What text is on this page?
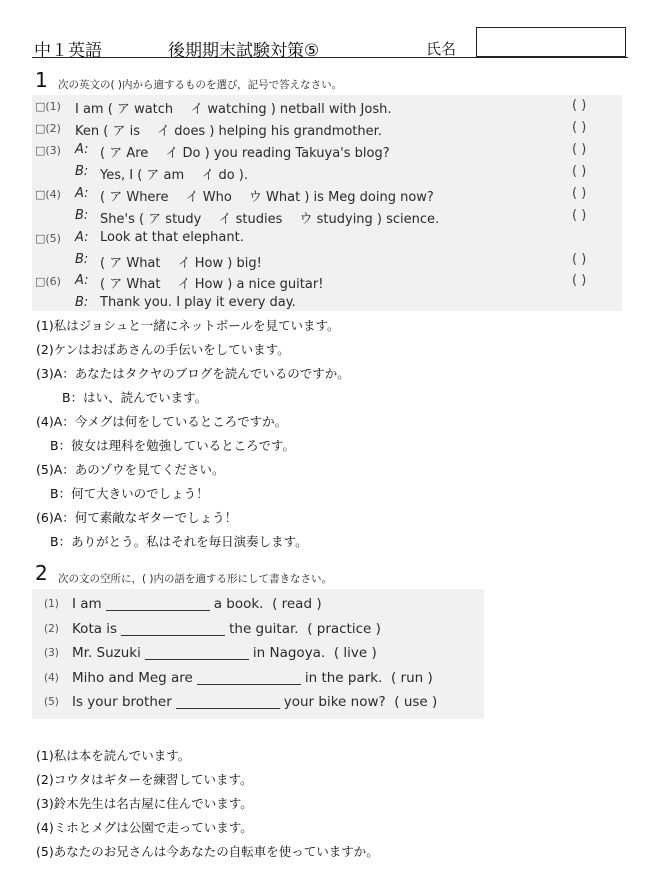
中１英語	後期期末試験対策⑤	氏名
1 次の英文の( )内から適するものを選び，記号で答えなさい。
□(1) I am ( ア watch　 イ watching ) netball with Josh.	( )
□(2) Ken ( ア is　 イ does ) helping his grandmother.	( )
□(3) A: ( ア Are　 イ Do ) you reading Takuya's blog?	( )
B: Yes, I ( ア am　 イ do ).	( )
□(4) A: ( ア Where　 イ Who　 ウ What ) is Meg doing now?	( )
B: She's ( ア study　 イ studies　 ウ studying ) science.	( )
□(5) A: Look at that elephant.
B: ( ア What　 イ How ) big!	( )
□(6) A: ( ア What　 イ How ) a nice guitar!	( )
B: Thank you. I play it every day.
(1)私はジョシュと一緒にネットボールを見ています。
(2)ケンはおばあさんの手伝いをしています。
(3)A：あなたはタクヤのブログを読んでいるのですか。
B：はい、読んでいます。
(4)A：今メグは何をしているところですか。
B：彼女は理科を勉強しているところです。
(5)A：あのゾウを見てください。
B：何て大きいのでしょう！
(6)A：何て素敵なギターでしょう！
B：ありがとう。私はそれを毎日演奏します。
2 次の文の空所に，( )内の語を適する形にして書きなさい。
(1) I am	a book. ( read )
(2) Kota is	the guitar. ( practice )
(3) Mr. Suzuki	in Nagoya. ( live )
(4) Miho and Meg are	in the park. ( run )
(5) Is your brother	your bike now? ( use )
(1)私は本を読んでいます。
(2)コウタはギターを練習しています。
(3)鈴木先生は名古屋に住んでいます。
(4)ミホとメグは公園で走っています。
(5)あなたのお兄さんは今あなたの自転車を使っていますか。
